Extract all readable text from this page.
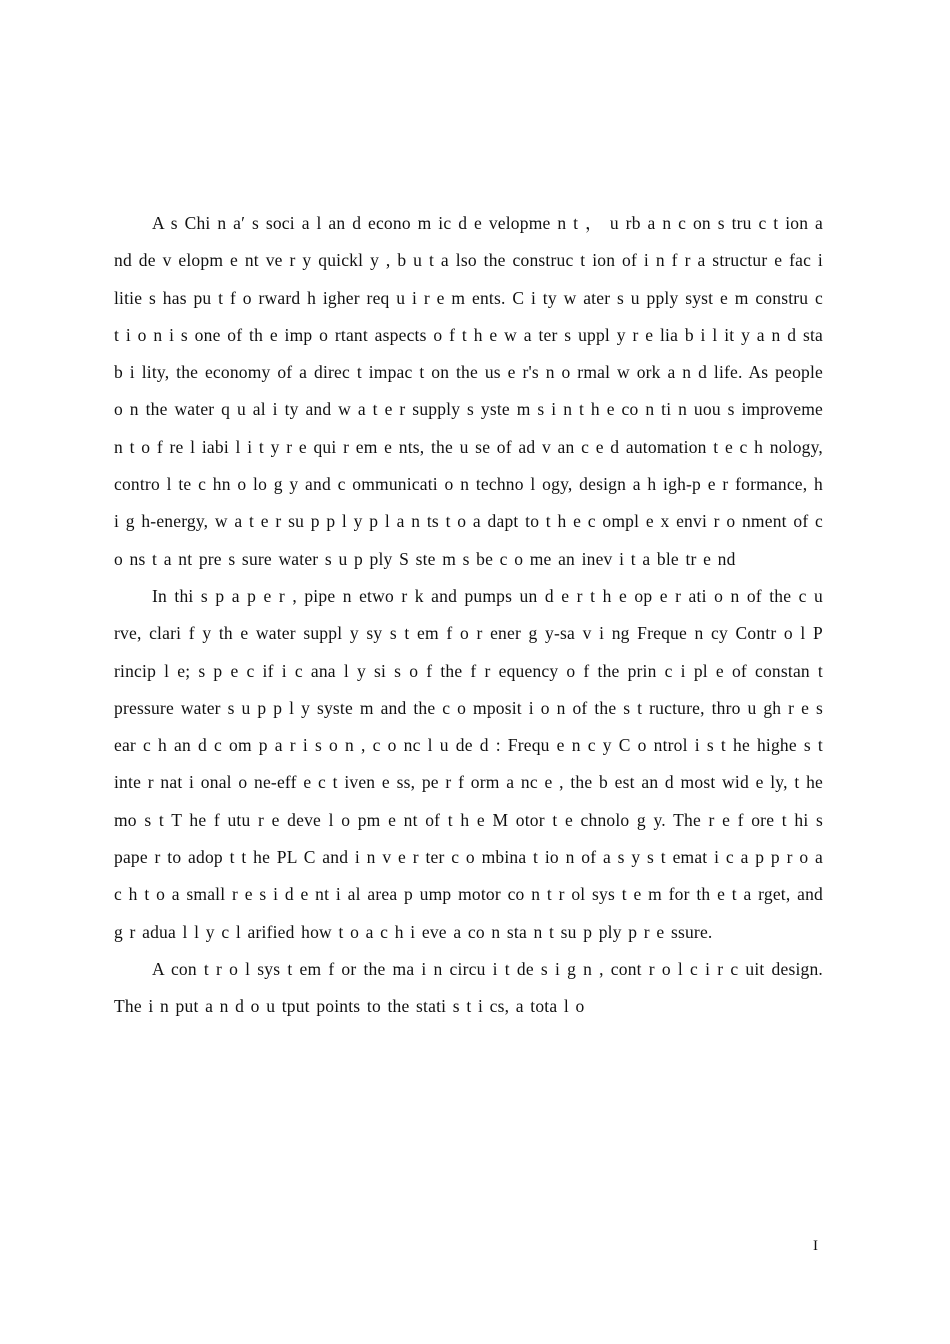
A s Chi n a′ s soci a l an d econo m ic d e velopme n t ， u rb a n c on s tru c t ion a nd de v elopm e nt ve r y quickl y , b u t a lso the construc t ion of i n f r a structur e fac i litie s has pu t f o rward h igher req u i r e m ents. C i ty w ater s u pply syst e m constru c t i o n i s one of th e imp o rtant aspects o f t h e w a ter s uppl y r e lia b i l it y a n d sta b i lity, the economy of a direc t impac t on the us e r's n o rmal w ork a n d life. As people o n the water q u al i ty and w a t e r supply s yste m s i n t h e co n ti n uou s improveme n t o f re l iabi l i t y r e qui r em e nts, the u se of ad v an c e d automation t e c h nology, contro l te c hn o lo g y and c ommunicati o n techno l ogy, design a h igh-p e r formance, h i g h-energy, w a t e r su p p l y p l a n ts t o a dapt to t h e c ompl e x envi r o nment of c o ns t a nt pre s sure water s u p ply S ste m s be c o me an inev i t a ble tr e nd

In thi s p a p e r , pipe n etwo r k and pumps un d e r t h e op e r ati o n of the c u rve, clari f y th e water suppl y sy s t em f o r ener g y-sa v i ng Freque n cy Contr o l P rincip l e; s p e c if i c ana l y si s o f the f r equency o f the prin c i pl e of constan t pressure water s u p p l y syste m and the c o mposit i o n of the s t ructure, thro u gh r e s ear c h an d c om p a r i s o n , c o nc l u de d : Frequ e n c y C o ntrol i s t he highe s t inte r nat i onal o ne-eff e c t iven e ss, pe r f orm a nc e , the b est an d most wid e ly, t he mo s t T he f utu r e deve l o pm e nt of t h e M otor t e chnolo g y. The r e f ore t hi s pape r to adop t t he PL C and i n v e r ter c o mbina t io n of a s y s t emat i c a p p r o a c h t o a small r e s i d e nt i al area p ump motor co n t r ol sys t e m for th e t a rget, and g r adua l l y c l arified how t o a c h i eve a co n sta n t su p ply p r e ssure.

A con t r o l sys t em f or the ma i n circu i t de s i g n , cont r o l c i r c uit design. The i n put a n d o u tput points to the stati s t i cs, a tota l o

I
